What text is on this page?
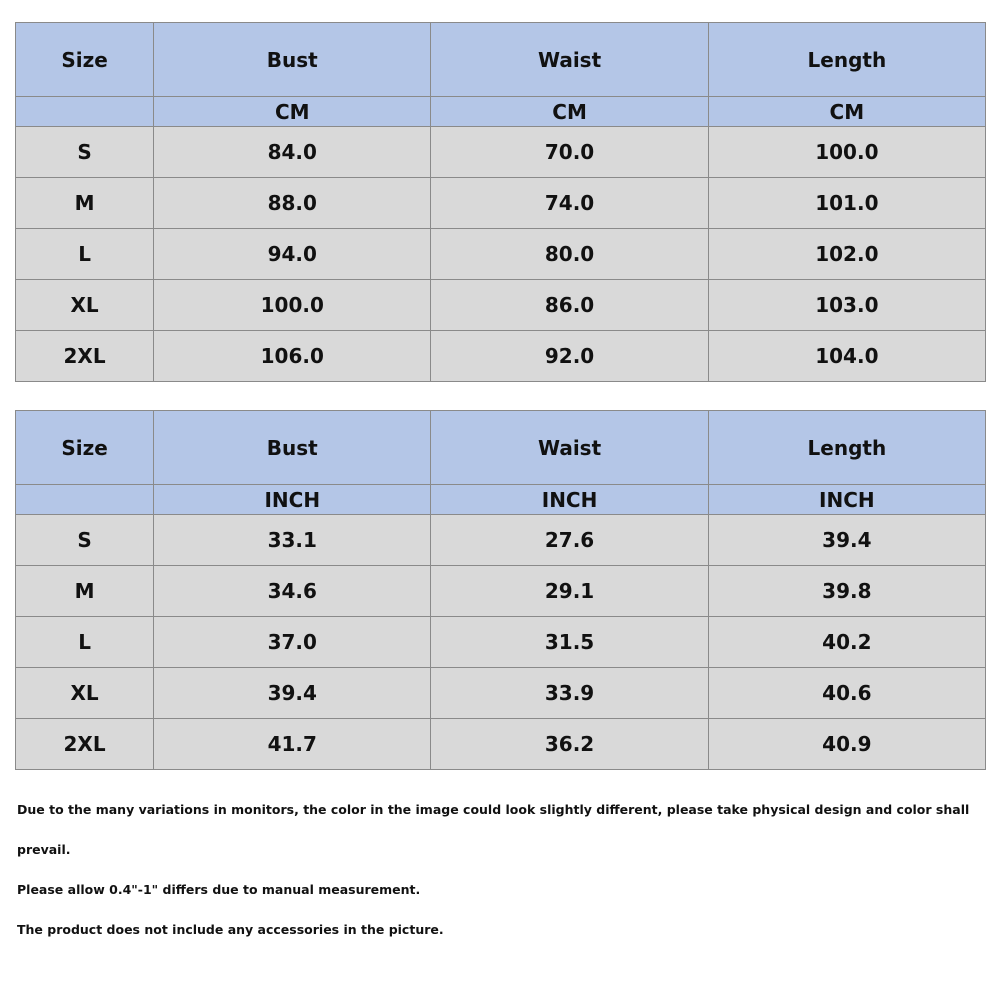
Size	Bust	Waist	Length
	CM	CM	CM
S	84.0	70.0	100.0
M	88.0	74.0	101.0
L	94.0	80.0	102.0
XL	100.0	86.0	103.0
2XL	106.0	92.0	104.0
Size	Bust	Waist	Length
	INCH	INCH	INCH
S	33.1	27.6	39.4
M	34.6	29.1	39.8
L	37.0	31.5	40.2
XL	39.4	33.9	40.6
2XL	41.7	36.2	40.9

Due to the many variations in monitors, the color in the image could look slightly different, please take physical design and color shall prevail.

Please allow 0.4"-1" differs due to manual measurement.

The product does not include any accessories in the picture.
